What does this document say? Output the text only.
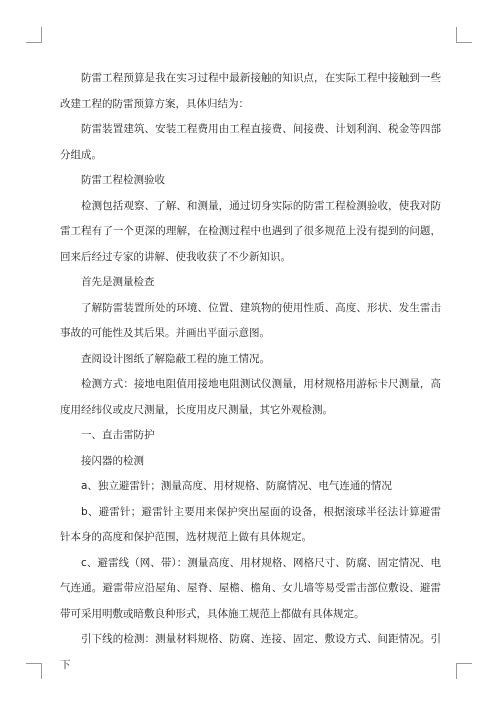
防雷工程预算是我在实习过程中最新接触的知识点，在实际工程中接触到一些改建工程的防雷预算方案，具体归结为：

防雷装置建筑、安装工程费用由工程直接费、间接费、计划利润、税金等四部分组成。

防雷工程检测验收

检测包括观察、了解、和测量，通过切身实际的防雷工程检测验收，使我对防雷工程有了一个更深的理解，在检测过程中也遇到了很多规范上没有提到的问题，回来后经过专家的讲解、使我收获了不少新知识。

首先是测量检查

了解防雷装置所处的环境、位置、建筑物的使用性质、高度、形状、发生雷击事故的可能性及其后果。并画出平面示意图。

查阅设计图纸了解隐蔽工程的施工情况。

检测方式：接地电阻值用接地电阻测试仪测量，用材规格用游标卡尺测量，高度用经纬仪或皮尺测量，长度用皮尺测量，其它外观检测。

一、直击雷防护

接闪器的检测

a、独立避雷针；测量高度、用材规格、防腐情况、电气连通的情况

b、避雷针；避雷针主要用来保护突出屋面的设备，根据滚球半径法计算避雷针本身的高度和保护范围，选材规范上做有具体规定。

c、避雷线（网、带）：测量高度、用材规格、网格尺寸、防腐、固定情况、电气连通。避雷带应沿屋角、屋脊、屋檐、檐角、女儿墙等易受雷击部位敷设、避雷带可采用明敷或暗敷良种形式，具体施工规范上都做有具体规定。

引下线的检测：测量材料规格、防腐、连接、固定、敷设方式、间距情况。引下
